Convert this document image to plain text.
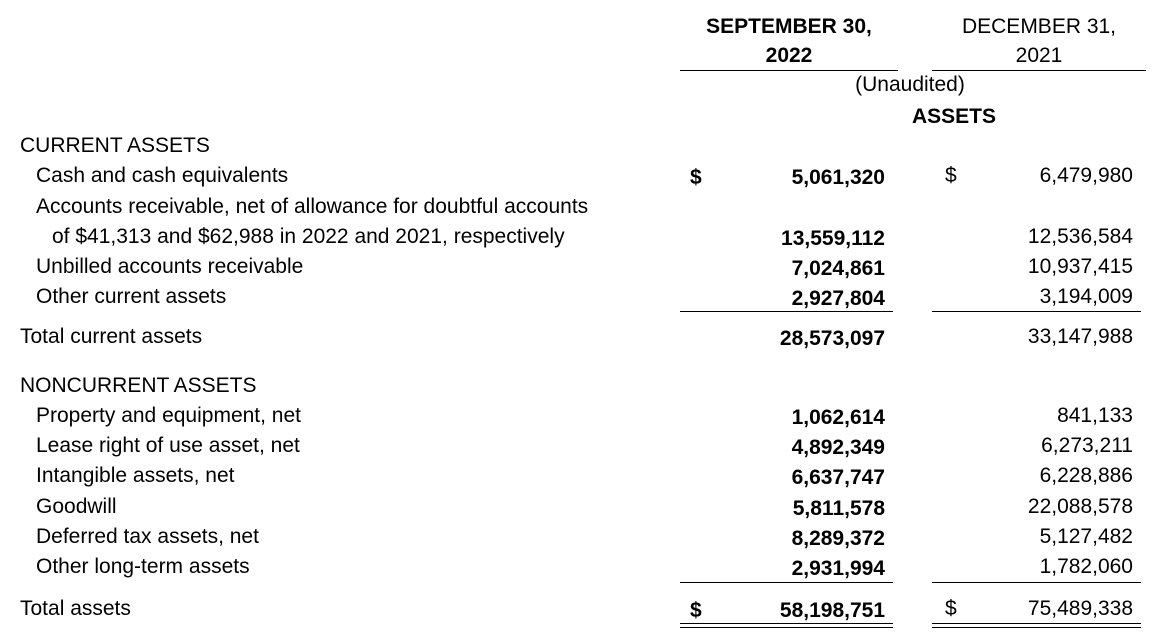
SEPTEMBER 30,
2022
DECEMBER 31,
2021
(Unaudited)
ASSETS
CURRENT ASSETS
Cash and cash equivalents	$	5,061,320	$	6,479,980
Accounts receivable, net of allowance for doubtful accounts
of $41,313 and $62,988 in 2022 and 2021, respectively	13,559,112	12,536,584
Unbilled accounts receivable	7,024,861	10,937,415
Other current assets	2,927,804	3,194,009
Total current assets	28,573,097	33,147,988
NONCURRENT ASSETS
Property and equipment, net	1,062,614	841,133
Lease right of use asset, net	4,892,349	6,273,211
Intangible assets, net	6,637,747	6,228,886
Goodwill	5,811,578	22,088,578
Deferred tax assets, net	8,289,372	5,127,482
Other long-term assets	2,931,994	1,782,060
Total assets	$	58,198,751	$	75,489,338
